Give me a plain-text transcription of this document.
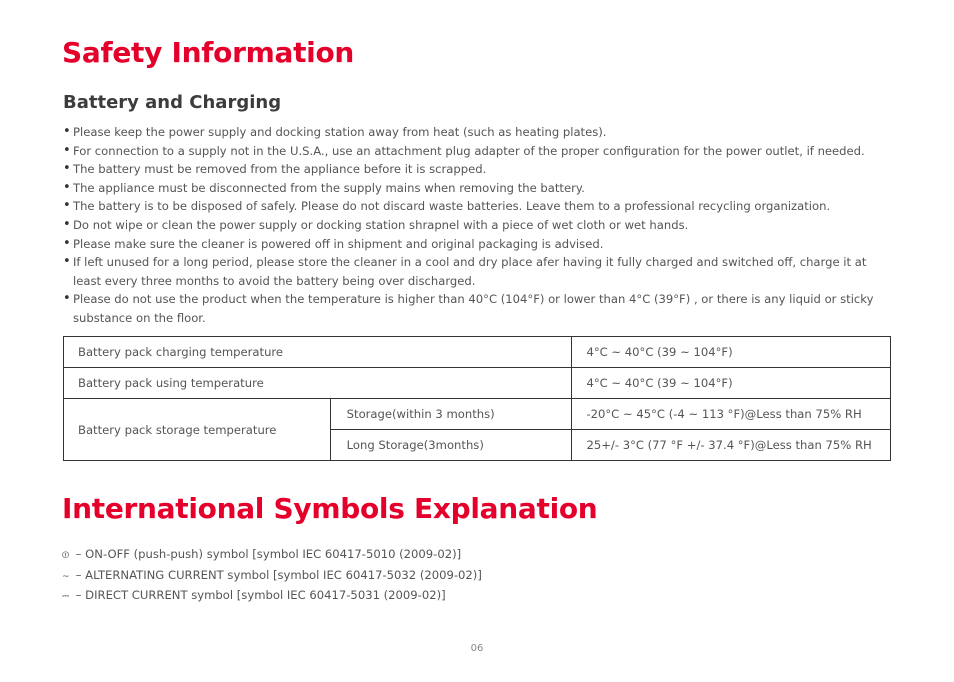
Safety Information
Battery and Charging
• Please keep the power supply and docking station away from heat (such as heating plates).
• For connection to a supply not in the U.S.A., use an attachment plug adapter of the proper configuration for the power outlet, if needed.
• The battery must be removed from the appliance before it is scrapped.
• The appliance must be disconnected from the supply mains when removing the battery.
• The battery is to be disposed of safely. Please do not discard waste batteries. Leave them to a professional recycling organization.
• Do not wipe or clean the power supply or docking station shrapnel with a piece of wet cloth or wet hands.
• Please make sure the cleaner is powered off in shipment and original packaging is advised.
• If left unused for a long period, please store the cleaner in a cool and dry place afer having it fully charged and switched off, charge it at least every three months to avoid the battery being over discharged.
• Please do not use the product when the temperature is higher than 40°C (104°F) or lower than 4°C (39°F) , or there is any liquid or sticky substance on the floor.
Battery pack charging temperature		4°C ~ 40°C (39 ~ 104°F)
Battery pack using temperature		4°C ~ 40°C (39 ~ 104°F)
Battery pack storage temperature	Storage(within 3 months)	-20°C ~ 45°C (-4 ~ 113 °F)@Less than 75% RH
	Long Storage(3months)	25+/- 3°C (77 °F +/- 37.4 °F)@Less than 75% RH
International Symbols Explanation
⏼ – ON-OFF (push-push) symbol [symbol IEC 60417-5010 (2009-02)]
~ – ALTERNATING CURRENT symbol [symbol IEC 60417-5032 (2009-02)]
⎓ – DIRECT CURRENT symbol [symbol IEC 60417-5031 (2009-02)]
06
